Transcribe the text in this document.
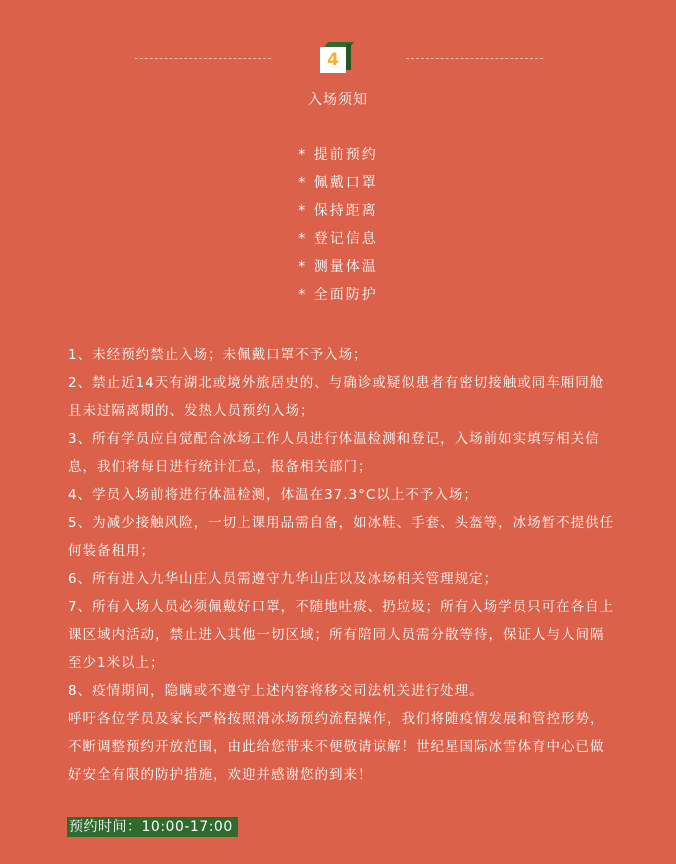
4
入场须知
* 提前预约
* 佩戴口罩
* 保持距离
* 登记信息
* 测量体温
* 全面防护

1、未经预约禁止入场；未佩戴口罩不予入场；

2、禁止近14天有湖北或境外旅居史的、与确诊或疑似患者有密切接触或同车厢同舱且未过隔离期的、发热人员预约入场；

3、所有学员应自觉配合冰场工作人员进行体温检测和登记，入场前如实填写相关信息，我们将每日进行统计汇总，报备相关部门；

4、学员入场前将进行体温检测，体温在37.3°C以上不予入场；

5、为减少接触风险，一切上课用品需自备，如冰鞋、手套、头盔等，冰场暂不提供任何装备租用；

6、所有进入九华山庄人员需遵守九华山庄以及冰场相关管理规定；

7、所有入场人员必须佩戴好口罩，不随地吐痰、扔垃圾；所有入场学员只可在各自上课区域内活动，禁止进入其他一切区域；所有陪同人员需分散等待，保证人与人间隔至少1米以上；

8、疫情期间，隐瞒或不遵守上述内容将移交司法机关进行处理。

呼吁各位学员及家长严格按照滑冰场预约流程操作，我们将随疫情发展和管控形势，不断调整预约开放范围，由此给您带来不便敬请谅解！世纪星国际冰雪体育中心已做好安全有限的防护措施，欢迎并感谢您的到来！

预约时间：10:00-17:00
